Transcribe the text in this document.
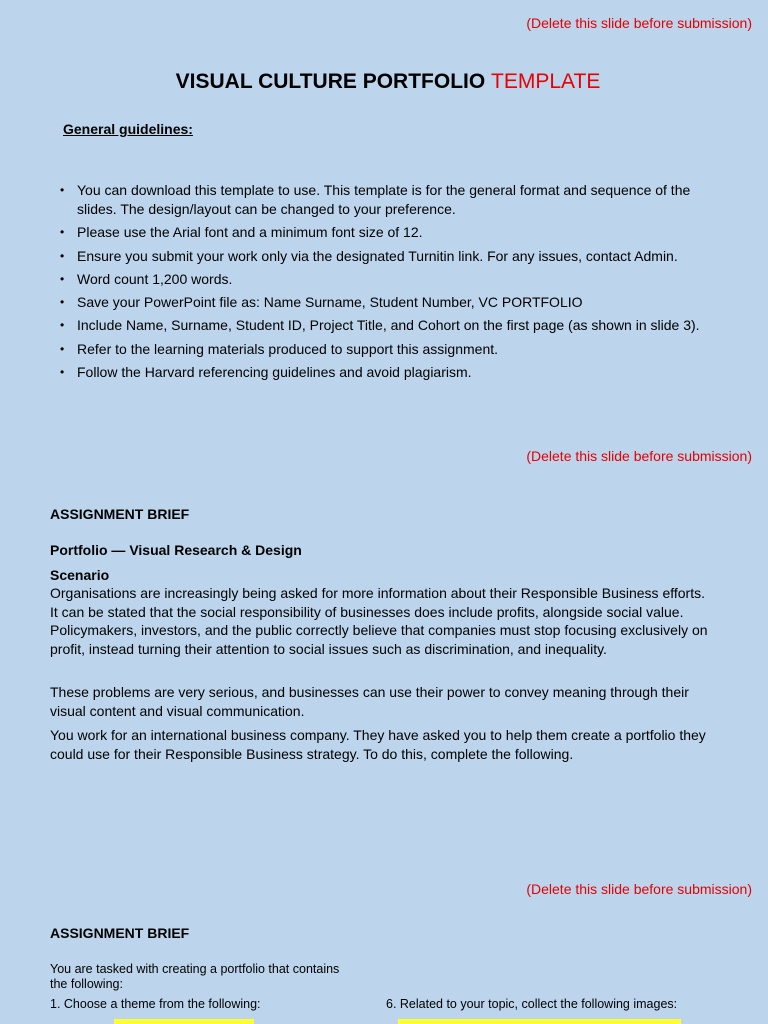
(Delete this slide before submission)
VISUAL CULTURE PORTFOLIO TEMPLATE
General guidelines:
• You can download this template to use. This template is for the general format and sequence of the slides. The design/layout can be changed to your preference.
• Please use the Arial font and a minimum font size of 12.
• Ensure you submit your work only via the designated Turnitin link. For any issues, contact Admin.
• Word count 1,200 words.
• Save your PowerPoint file as: Name Surname, Student Number, VC PORTFOLIO
• Include Name, Surname, Student ID, Project Title, and Cohort on the first page (as shown in slide 3).
• Refer to the learning materials produced to support this assignment.
• Follow the Harvard referencing guidelines and avoid plagiarism.
(Delete this slide before submission)
ASSIGNMENT BRIEF
Portfolio — Visual Research & Design
Scenario
Organisations are increasingly being asked for more information about their Responsible Business efforts. It can be stated that the social responsibility of businesses does include profits, alongside social value. Policymakers, investors, and the public correctly believe that companies must stop focusing exclusively on profit, instead turning their attention to social issues such as discrimination, and inequality.
These problems are very serious, and businesses can use their power to convey meaning through their visual content and visual communication.
You work for an international business company. They have asked you to help them create a portfolio they could use for their Responsible Business strategy. To do this, complete the following.
(Delete this slide before submission)
ASSIGNMENT BRIEF
You are tasked with creating a portfolio that contains the following:
1. Choose a theme from the following:	6. Related to your topic, collect the following images:
